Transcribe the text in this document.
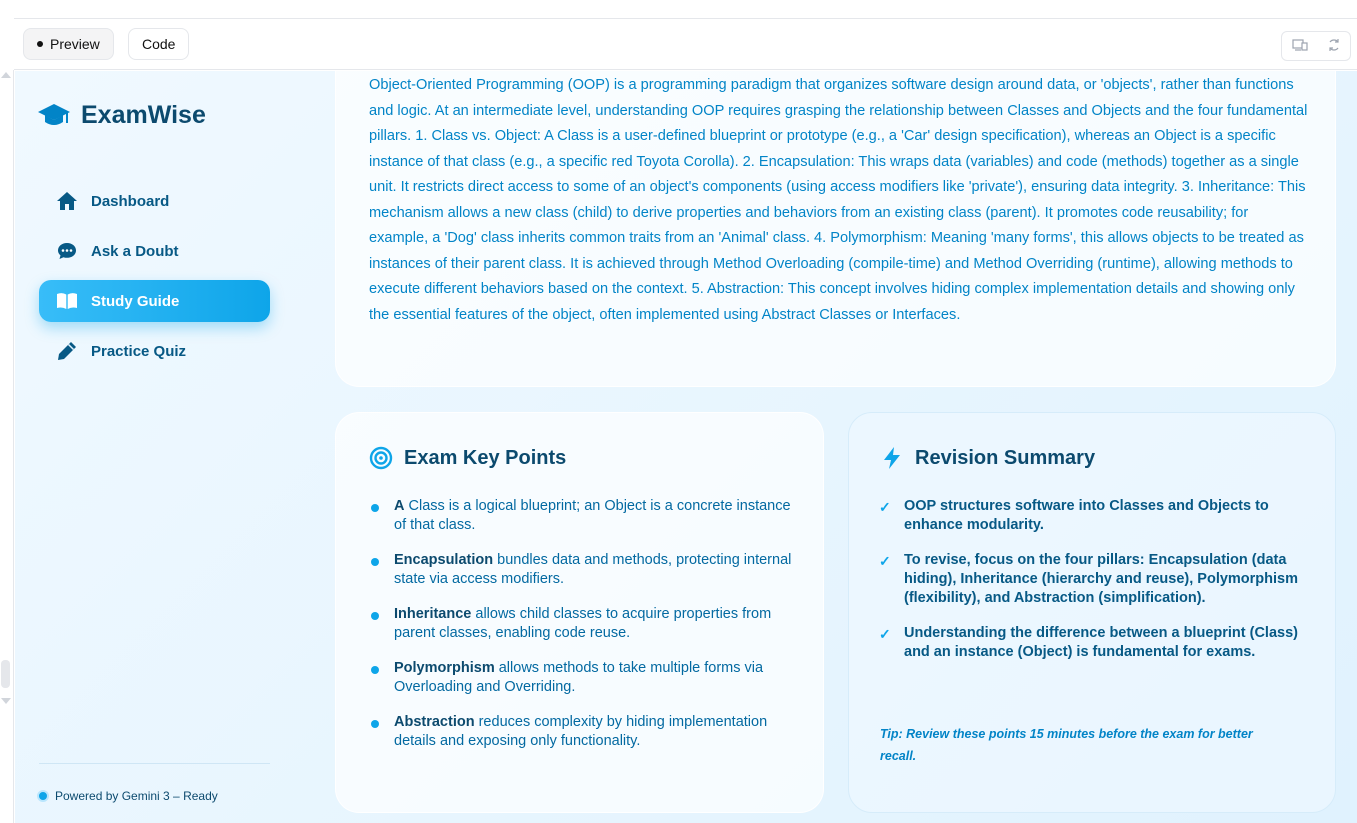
Preview	Code
ExamWise
Dashboard
Ask a Doubt
Study Guide
Practice Quiz
Powered by Gemini 3 – Ready

Object-Oriented Programming (OOP) is a programming paradigm that organizes software design around data, or 'objects', rather than functions and logic. At an intermediate level, understanding OOP requires grasping the relationship between Classes and Objects and the four fundamental pillars. 1. Class vs. Object: A Class is a user-defined blueprint or prototype (e.g., a 'Car' design specification), whereas an Object is a specific instance of that class (e.g., a specific red Toyota Corolla). 2. Encapsulation: This wraps data (variables) and code (methods) together as a single unit. It restricts direct access to some of an object's components (using access modifiers like 'private'), ensuring data integrity. 3. Inheritance: This mechanism allows a new class (child) to derive properties and behaviors from an existing class (parent). It promotes code reusability; for example, a 'Dog' class inherits common traits from an 'Animal' class. 4. Polymorphism: Meaning 'many forms', this allows objects to be treated as instances of their parent class. It is achieved through Method Overloading (compile-time) and Method Overriding (runtime), allowing methods to execute different behaviors based on the context. 5. Abstraction: This concept involves hiding complex implementation details and showing only the essential features of the object, often implemented using Abstract Classes or Interfaces.

Exam Key Points
A Class is a logical blueprint; an Object is a concrete instance of that class.
Encapsulation bundles data and methods, protecting internal state via access modifiers.
Inheritance allows child classes to acquire properties from parent classes, enabling code reuse.
Polymorphism allows methods to take multiple forms via Overloading and Overriding.
Abstraction reduces complexity by hiding implementation details and exposing only functionality.
Revision Summary
✓ OOP structures software into Classes and Objects to enhance modularity.
✓ To revise, focus on the four pillars: Encapsulation (data hiding), Inheritance (hierarchy and reuse), Polymorphism (flexibility), and Abstraction (simplification).
✓ Understanding the difference between a blueprint (Class) and an instance (Object) is fundamental for exams.

Tip: Review these points 15 minutes before the exam for better recall.
